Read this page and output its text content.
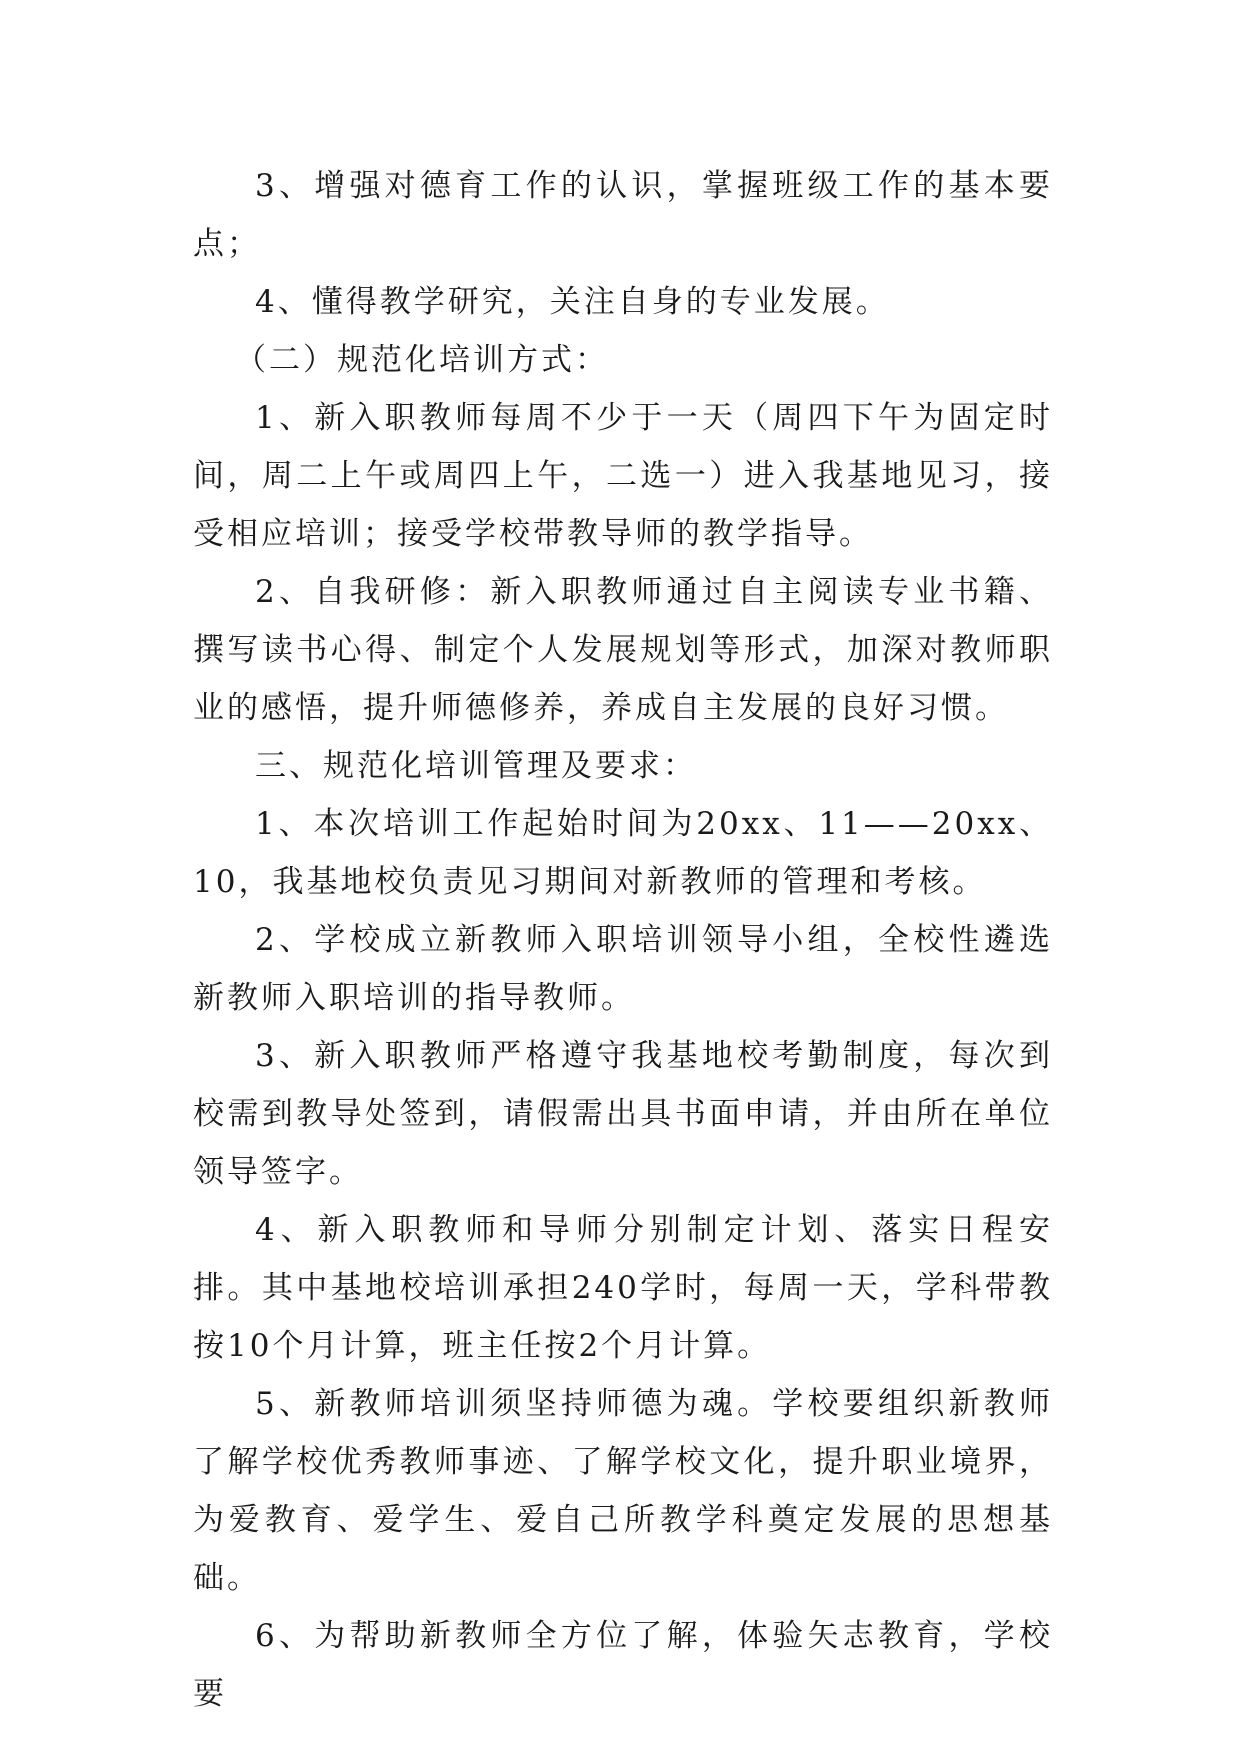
3、增强对德育工作的认识，掌握班级工作的基本要点；

4、懂得教学研究，关注自身的专业发展。

（二）规范化培训方式：

1、新入职教师每周不少于一天（周四下午为固定时间，周二上午或周四上午，二选一）进入我基地见习，接受相应培训；接受学校带教导师的教学指导。

2、自我研修：新入职教师通过自主阅读专业书籍、撰写读书心得、制定个人发展规划等形式，加深对教师职业的感悟，提升师德修养，养成自主发展的良好习惯。

三、规范化培训管理及要求：

1、本次培训工作起始时间为20xx、11——20xx、10，我基地校负责见习期间对新教师的管理和考核。

2、学校成立新教师入职培训领导小组，全校性遴选新教师入职培训的指导教师。

3、新入职教师严格遵守我基地校考勤制度，每次到校需到教导处签到，请假需出具书面申请，并由所在单位领导签字。

4、新入职教师和导师分别制定计划、落实日程安排。其中基地校培训承担240学时，每周一天，学科带教按10个月计算，班主任按2个月计算。

5、新教师培训须坚持师德为魂。学校要组织新教师了解学校优秀教师事迹、了解学校文化，提升职业境界，为爱教育、爱学生、爱自己所教学科奠定发展的思想基础。

6、为帮助新教师全方位了解，体验矢志教育，学校要
